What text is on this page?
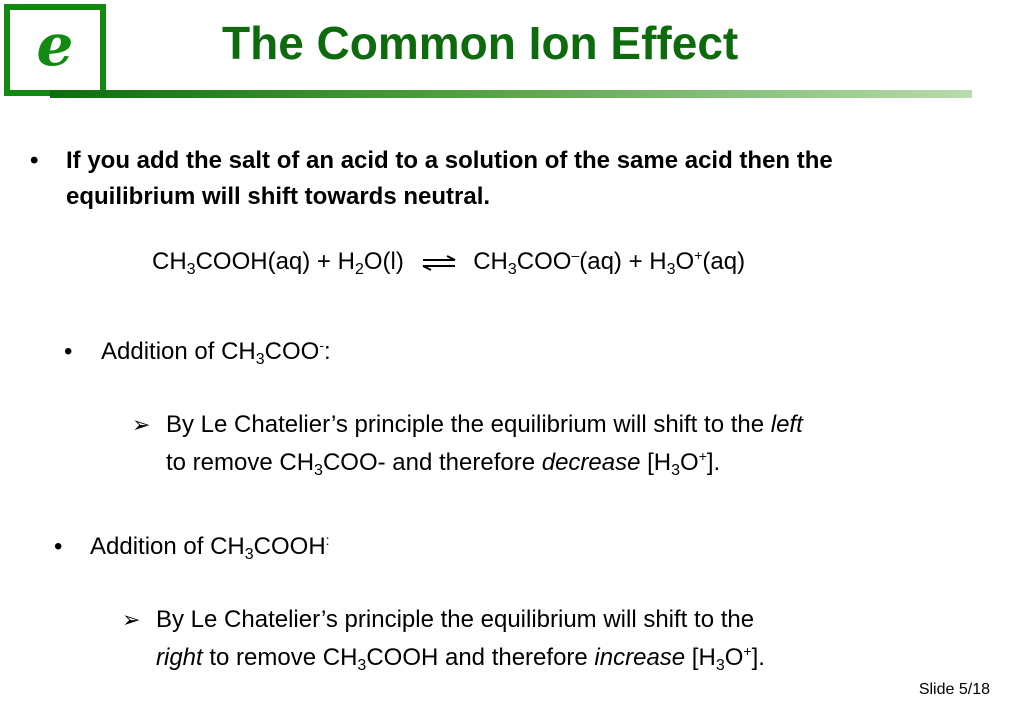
e	The Common Ion Effect
• If you add the salt of an acid to a solution of the same acid then the equilibrium will shift towards neutral.
$CH_3COOH(aq) + H_2O(l)$ ⇌ $CH_3COO^-(aq) + H_3O^+(aq)$
• Addition of $CH_3COO^-$:
➢ By Le Chatelier’s principle the equilibrium will shift to the left
to remove $CH_3COO-$ and therefore decrease $[H_3O^+]$.
• Addition of $CH_3COOH^:$
➢ By Le Chatelier’s principle the equilibrium will shift to the
right to remove $CH_3COOH$ and therefore increase $[H_3O^+]$.
Slide 5/18
